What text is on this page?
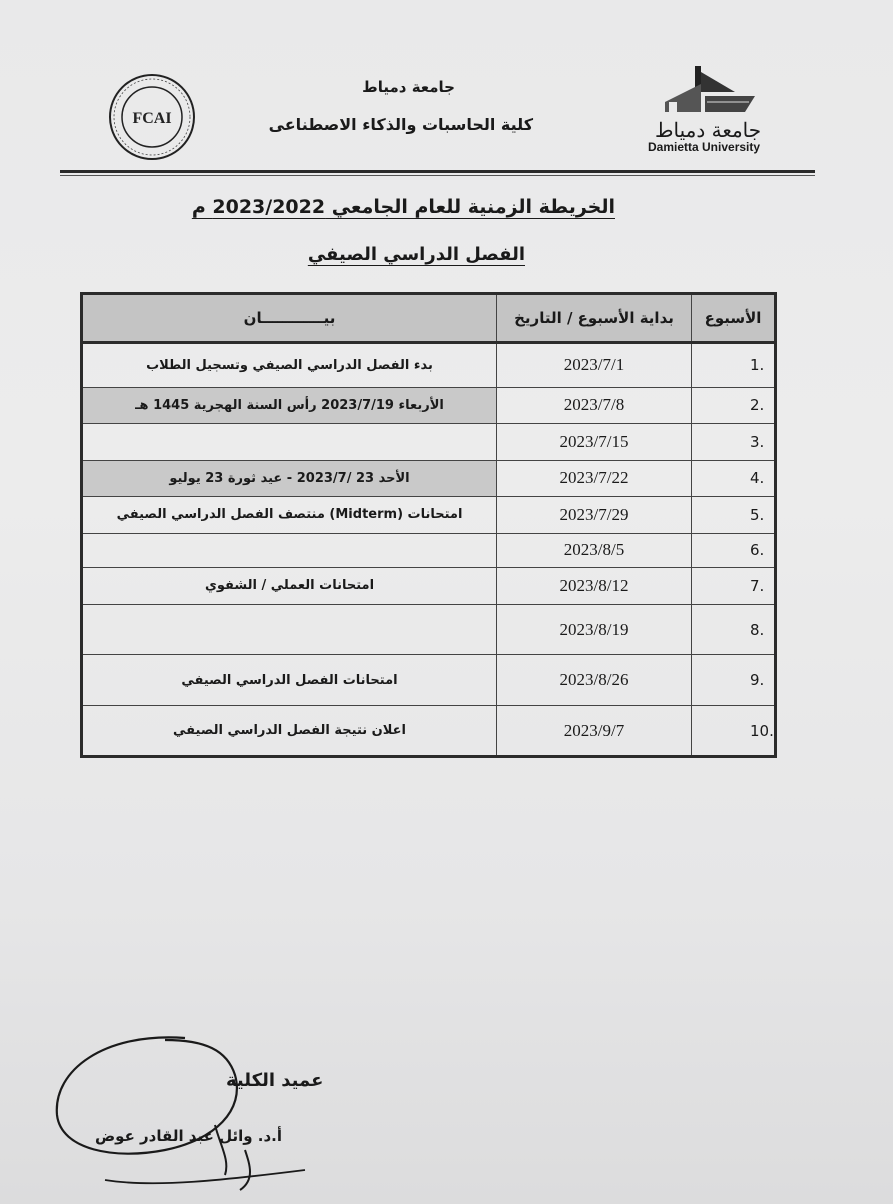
FCAI
جامعة دمياط
كلية الحاسبات والذكاء الاصطناعى	جامعة دمياط
Damietta University
الخريطة الزمنية للعام الجامعي 2023/2022 م
الفصل الدراسي الصيفي
الأسبوع	بداية الأسبوع / التاريخ	بيــــــــــــان
1.	2023/7/1	بدء الفصل الدراسي الصيفي وتسجيل الطلاب
2.	2023/7/8	الأربعاء 2023/7/19 رأس السنة الهجرية 1445 هـ
3.	2023/7/15	
4.	2023/7/22	الأحد 23 /2023/7 - عيد ثورة 23 يوليو
5.	2023/7/29	امتحانات (Midterm) منتصف الفصل الدراسي الصيفي
6.	2023/8/5	
7.	2023/8/12	امتحانات العملي / الشفوي
8.	2023/8/19	
9.	2023/8/26	امتحانات الفصل الدراسي الصيفي
10.	2023/9/7	اعلان نتيجة الفصل الدراسي الصيفي
عميد الكلية
أ.د. وائل عبد القادر عوض
